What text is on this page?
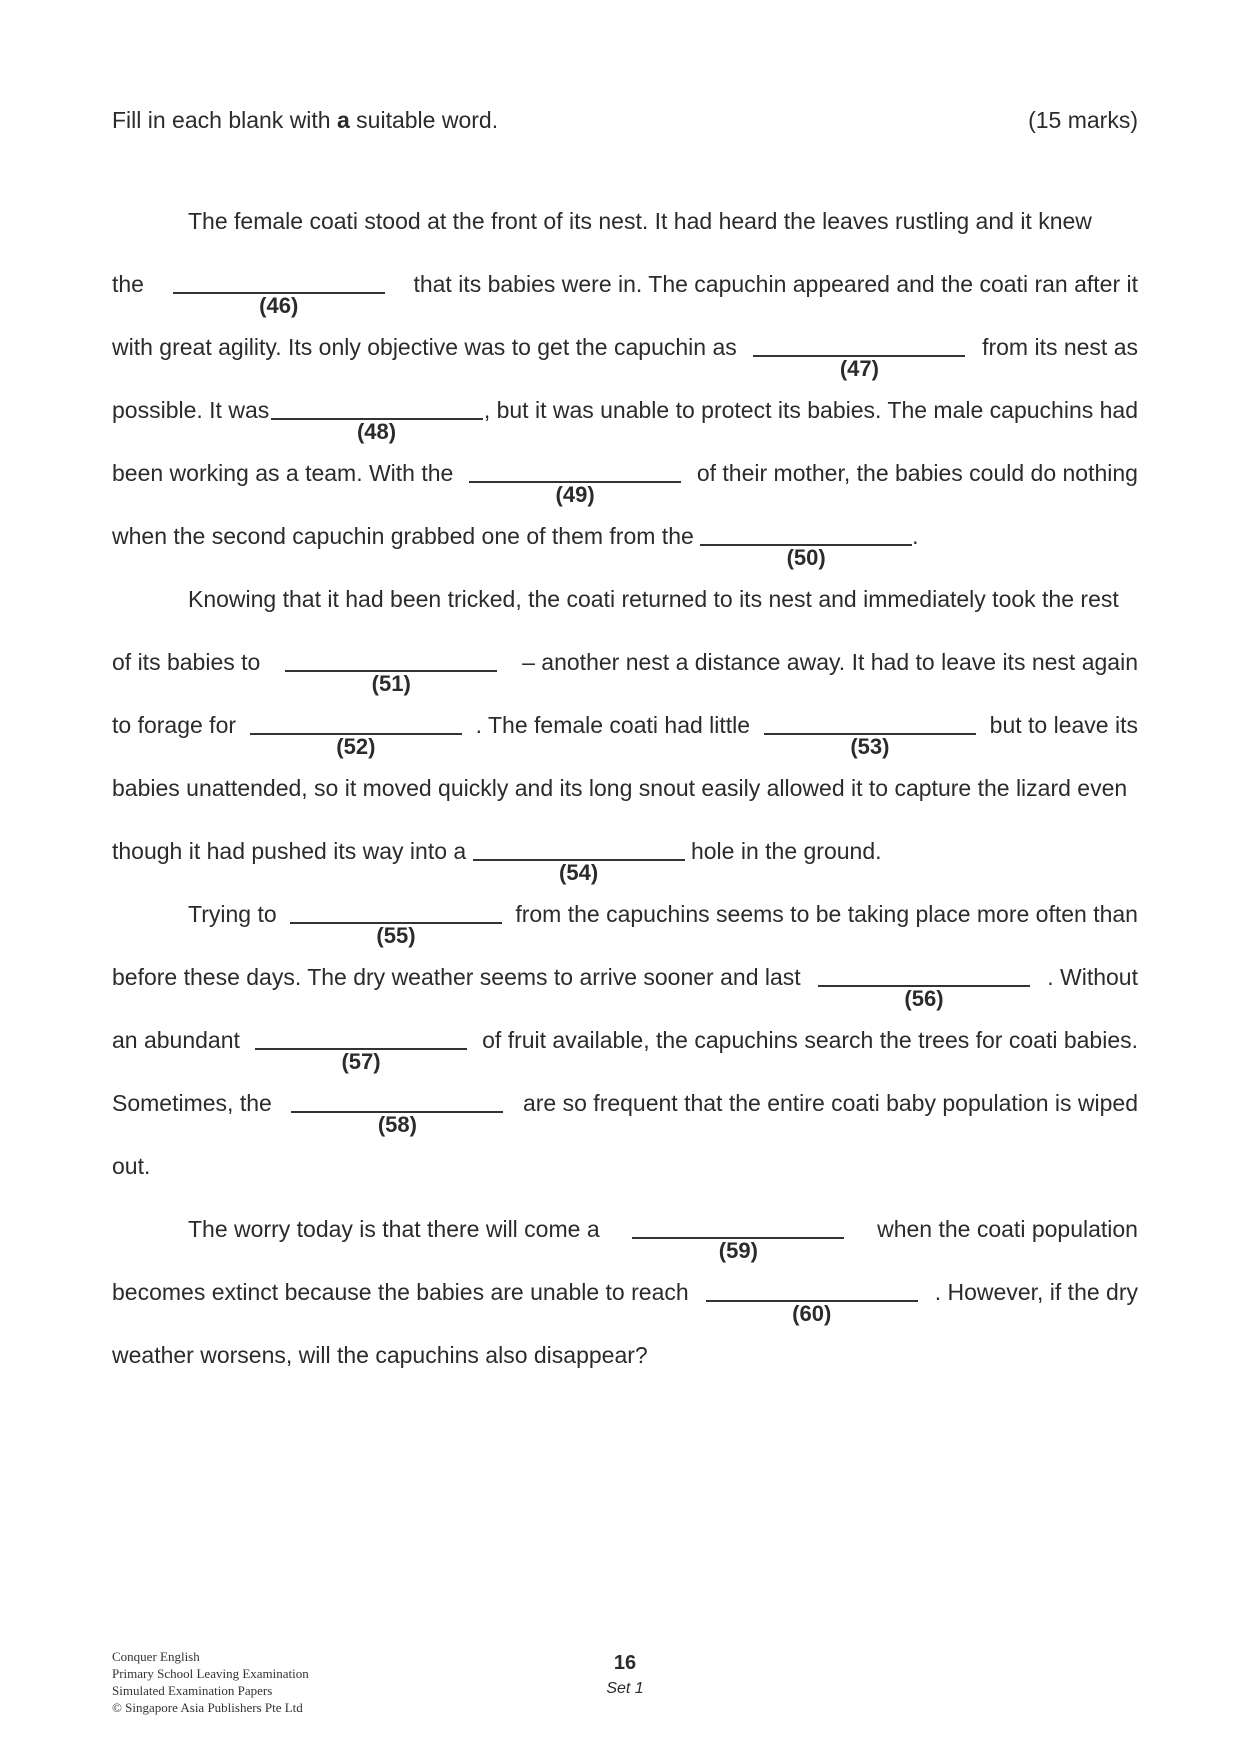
Fill in each blank with a suitable word.	(15 marks)
The female coati stood at the front of its nest. It had heard the leaves rustling and it knew
the
(46)
that its babies were in. The capuchin appeared and the coati ran after it
with great agility. Its only objective was to get the capuchin as
(47)
from its nest as
possible. It was
(48)
, but it was unable to protect its babies. The male capuchins had
been working as a team. With the
(49)
of their mother, the babies could do nothing
when the second capuchin grabbed one of them from the

(50)
.
Knowing that it had been tricked, the coati returned to its nest and immediately took the rest
of its babies to
(51)
– another nest a distance away. It had to leave its nest again
to forage for
(52)
. The female coati had little
(53)
but to leave its
babies unattended, so it moved quickly and its long snout easily allowed it to capture the lizard even
though it had pushed its way into a

(54)

hole in the ground.
Trying to
(55)
from the capuchins seems to be taking place more often than
before these days. The dry weather seems to arrive sooner and last
(56)
. Without
an abundant
(57)
of fruit available, the capuchins search the trees for coati babies.
Sometimes, the
(58)
are so frequent that the entire coati baby population is wiped
out.
The worry today is that there will come a
(59)
when the coati population
becomes extinct because the babies are unable to reach
(60)
. However, if the dry
weather worsens, will the capuchins also disappear?
Conquer English
Primary School Leaving Examination
Simulated Examination Papers
© Singapore Asia Publishers Pte Ltd
16
Set 1
